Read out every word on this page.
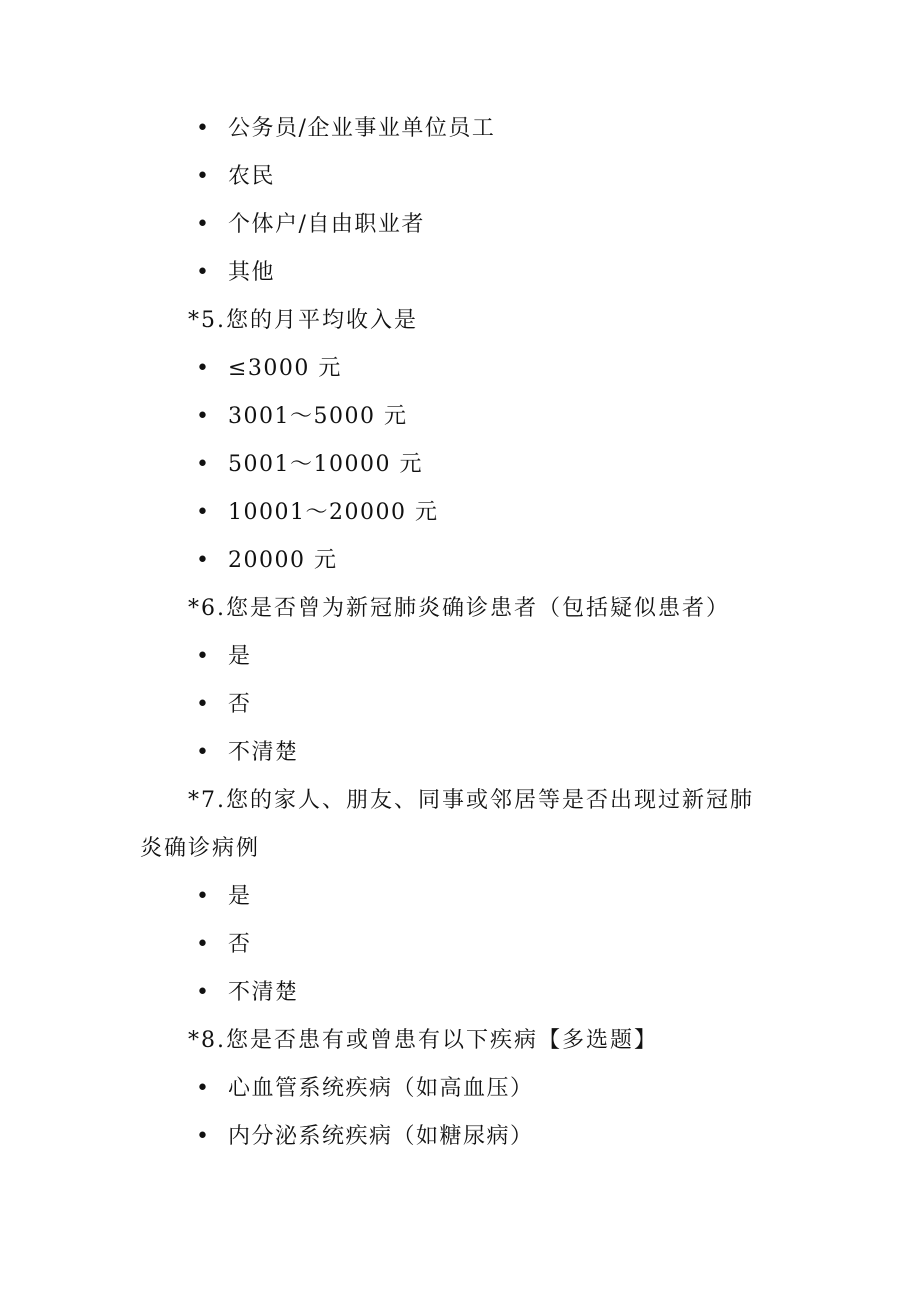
• 公务员/企业事业单位员工
• 农民
• 个体户/自由职业者
• 其他
*5.您的月平均收入是
• ≤3000 元
• 3001～5000 元
• 5001～10000 元
• 10001～20000 元
• 20000 元
*6.您是否曾为新冠肺炎确诊患者（包括疑似患者）
• 是
• 否
• 不清楚
*7.您的家人、朋友、同事或邻居等是否出现过新冠肺
炎确诊病例
• 是
• 否
• 不清楚
*8.您是否患有或曾患有以下疾病【多选题】
• 心血管系统疾病（如高血压）
• 内分泌系统疾病（如糖尿病）
